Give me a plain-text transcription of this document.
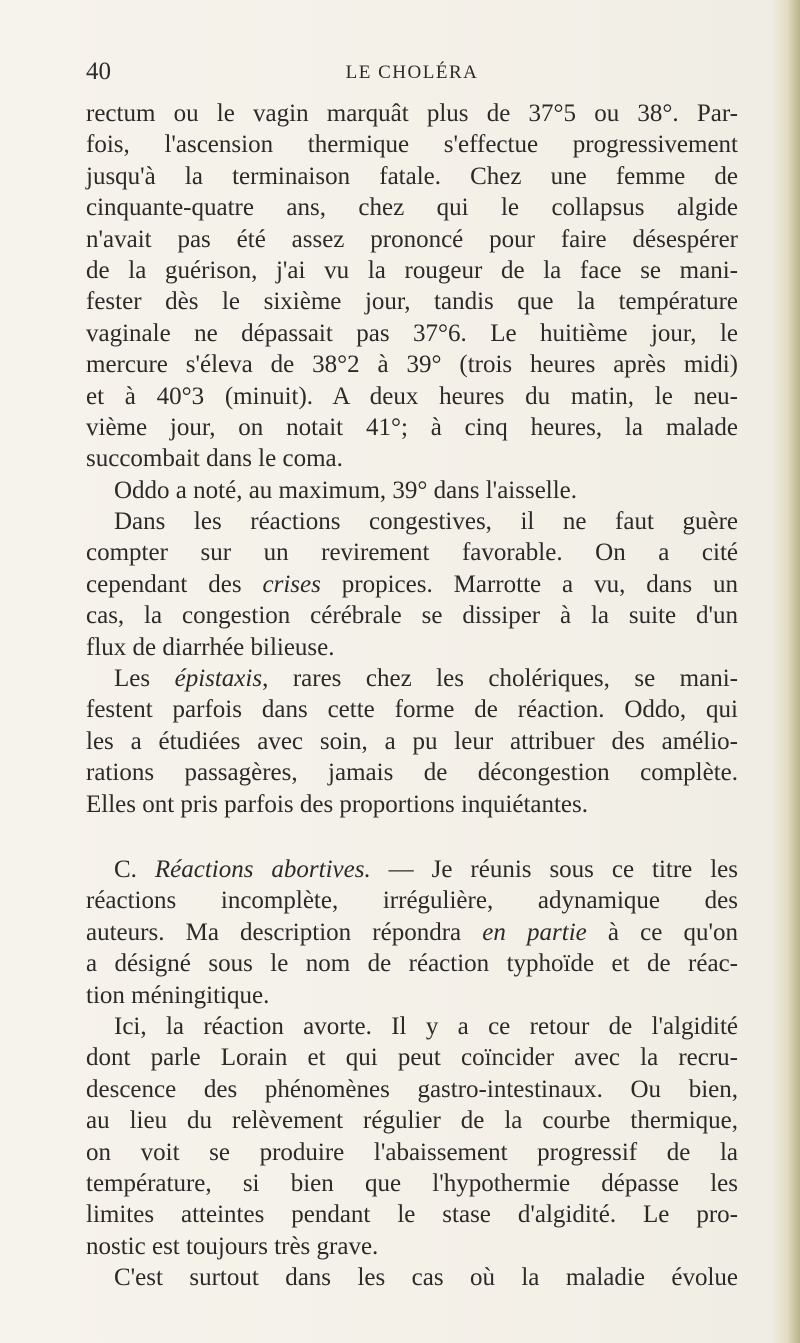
40	LE CHOLÉRA
rectum ou le vagin marquât plus de 37°5 ou 38°. Par-
fois, l'ascension thermique s'effectue progressivement
jusqu'à la terminaison fatale. Chez une femme de
cinquante-quatre ans, chez qui le collapsus algide
n'avait pas été assez prononcé pour faire désespérer
de la guérison, j'ai vu la rougeur de la face se mani-
fester dès le sixième jour, tandis que la température
vaginale ne dépassait pas 37°6. Le huitième jour, le
mercure s'éleva de 38°2 à 39° (trois heures après midi)
et à 40°3 (minuit). A deux heures du matin, le neu-
vième jour, on notait 41°; à cinq heures, la malade
succombait dans le coma.
Oddo a noté, au maximum, 39° dans l'aisselle.
Dans les réactions congestives, il ne faut guère
compter sur un revirement favorable. On a cité
cependant des crises propices. Marrotte a vu, dans un
cas, la congestion cérébrale se dissiper à la suite d'un
flux de diarrhée bilieuse.
Les épistaxis, rares chez les cholériques, se mani-
festent parfois dans cette forme de réaction. Oddo, qui
les a étudiées avec soin, a pu leur attribuer des amélio-
rations passagères, jamais de décongestion complète.
Elles ont pris parfois des proportions inquiétantes.
C. Réactions abortives. — Je réunis sous ce titre les
réactions incomplète, irrégulière, adynamique des
auteurs. Ma description répondra en partie à ce qu'on
a désigné sous le nom de réaction typhoïde et de réac-
tion méningitique.
Ici, la réaction avorte. Il y a ce retour de l'algidité
dont parle Lorain et qui peut coïncider avec la recru-
descence des phénomènes gastro-intestinaux. Ou bien,
au lieu du relèvement régulier de la courbe thermique,
on voit se produire l'abaissement progressif de la
température, si bien que l'hypothermie dépasse les
limites atteintes pendant le stase d'algidité. Le pro-
nostic est toujours très grave.
C'est surtout dans les cas où la maladie évolue
